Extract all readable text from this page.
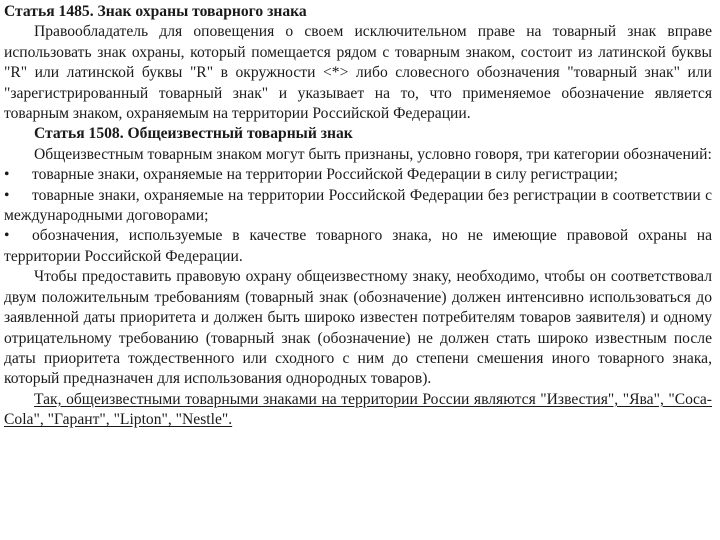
Статья 1485. Знак охраны товарного знака

Правообладатель для оповещения о своем исключительном праве на товарный знак вправе использовать знак охраны, который помещается рядом с товарным знаком, состоит из латинской буквы "R" или латинской буквы "R" в окружности <*> либо словесного обозначения "товарный знак" или "зарегистрированный товарный знак" и указывает на то, что применяемое обозначение является товарным знаком, охраняемым на территории Российской Федерации.

Статья 1508. Общеизвестный товарный знак

Общеизвестным товарным знаком могут быть признаны, условно говоря, три категории обозначений:

• товарные знаки, охраняемые на территории Российской Федерации в силу регистрации;

• товарные знаки, охраняемые на территории Российской Федерации без регистрации в соответствии с международными договорами;

• обозначения, используемые в качестве товарного знака, но не имеющие правовой охраны на территории Российской Федерации.

Чтобы предоставить правовую охрану общеизвестному знаку, необходимо, чтобы он соответствовал двум положительным требованиям (товарный знак (обозначение) должен интенсивно использоваться до заявленной даты приоритета и должен быть широко известен потребителям товаров заявителя) и одному отрицательному требованию (товарный знак (обозначение) не должен стать широко известным после даты приоритета тождественного или сходного с ним до степени смешения иного товарного знака, который предназначен для использования однородных товаров).

Так, общеизвестными товарными знаками на территории России являются "Известия", "Ява", "Coca-Cola", "Гарант", "Lipton", "Nestle".
